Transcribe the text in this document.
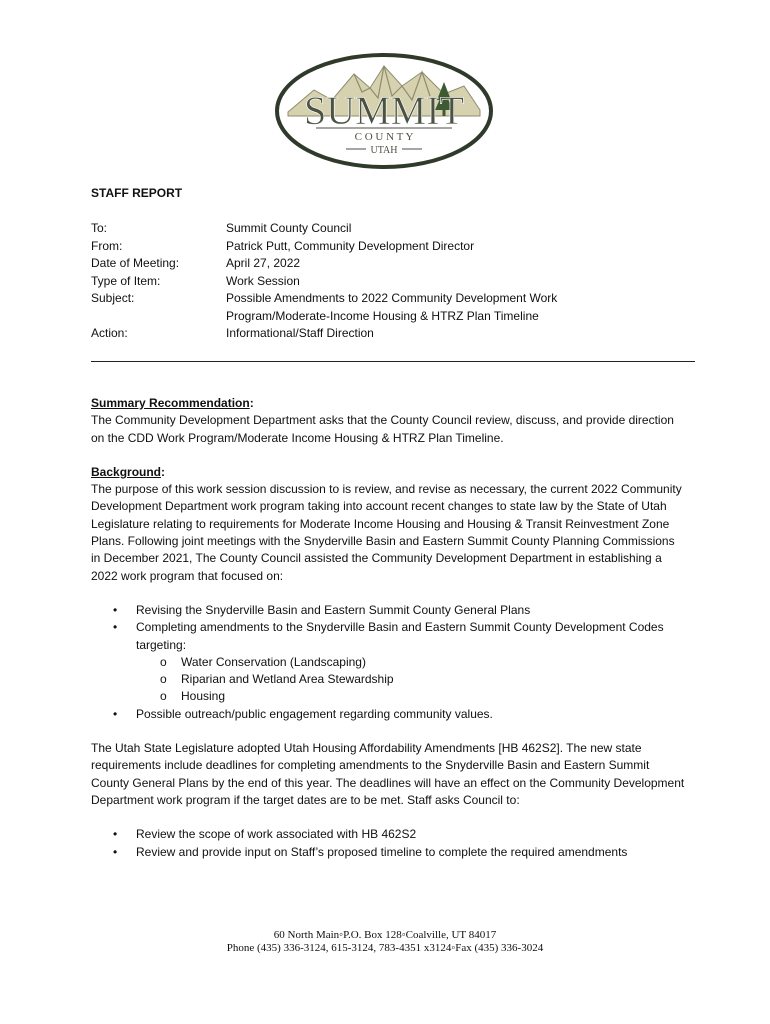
SUMMIT
C O U N T Y
UTAH
STAFF REPORT
To:	Summit County Council
From:	Patrick Putt, Community Development Director
Date of Meeting:	April 27, 2022
Type of Item:	Work Session
Subject:	Possible Amendments to 2022 Community Development Work Program/Moderate-Income Housing & HTRZ Plan Timeline
Action:	Informational/Staff Direction

Summary Recommendation:

The Community Development Department asks that the County Council review, discuss, and provide direction on the CDD Work Program/Moderate Income Housing & HTRZ Plan Timeline.

Background:

The purpose of this work session discussion to is review, and revise as necessary, the current 2022 Community Development Department work program taking into account recent changes to state law by the State of Utah Legislature relating to requirements for Moderate Income Housing and Housing & Transit Reinvestment Zone Plans. Following joint meetings with the Snyderville Basin and Eastern Summit County Planning Commissions in December 2021, The County Council assisted the Community Development Department in establishing a 2022 work program that focused on:

• Revising the Snyderville Basin and Eastern Summit County General Plans
• Completing amendments to the Snyderville Basin and Eastern Summit County Development Codes targeting:
o Water Conservation (Landscaping)
o Riparian and Wetland Area Stewardship
o Housing
• Possible outreach/public engagement regarding community values.

The Utah State Legislature adopted Utah Housing Affordability Amendments [HB 462S2]. The new state requirements include deadlines for completing amendments to the Snyderville Basin and Eastern Summit County General Plans by the end of this year. The deadlines will have an effect on the Community Development Department work program if the target dates are to be met. Staff asks Council to:

• Review the scope of work associated with HB 462S2
• Review and provide input on Staff’s proposed timeline to complete the required amendments
60 North Main◦P.O. Box 128◦Coalville, UT 84017
Phone (435) 336-3124, 615-3124, 783-4351 x3124◦Fax (435) 336-3024
